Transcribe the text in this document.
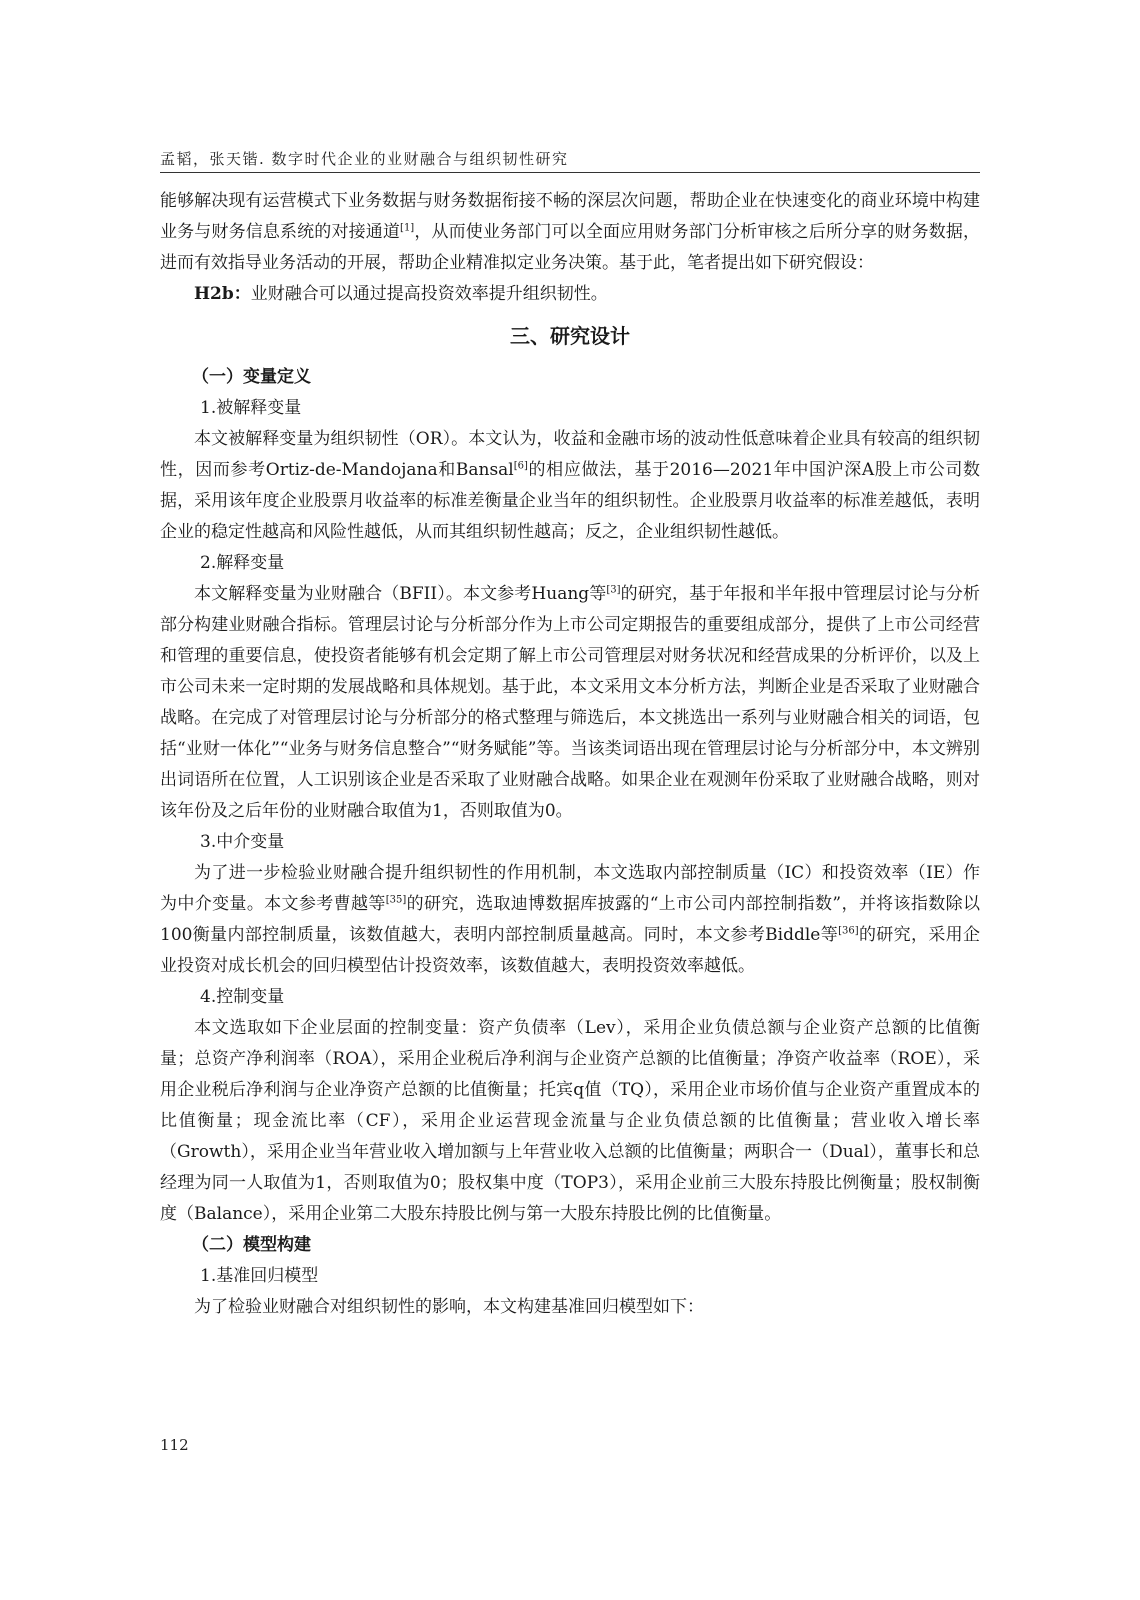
孟韬，张天锴. 数字时代企业的业财融合与组织韧性研究

能够解决现有运营模式下业务数据与财务数据衔接不畅的深层次问题，帮助企业在快速变化的商业环境中构建业务与财务信息系统的对接通道[1]，从而使业务部门可以全面应用财务部门分析审核之后所分享的财务数据，进而有效指导业务活动的开展，帮助企业精准拟定业务决策。基于此，笔者提出如下研究假设：

H2b：业财融合可以通过提高投资效率提升组织韧性。

三、研究设计

（一）变量定义

1.被解释变量

本文被解释变量为组织韧性（OR）。本文认为，收益和金融市场的波动性低意味着企业具有较高的组织韧性，因而参考Ortiz-de-Mandojana和Bansal[6]的相应做法，基于2016—2021年中国沪深A股上市公司数据，采用该年度企业股票月收益率的标准差衡量企业当年的组织韧性。企业股票月收益率的标准差越低，表明企业的稳定性越高和风险性越低，从而其组织韧性越高；反之，企业组织韧性越低。

2.解释变量

本文解释变量为业财融合（BFII）。本文参考Huang等[3]的研究，基于年报和半年报中管理层讨论与分析部分构建业财融合指标。管理层讨论与分析部分作为上市公司定期报告的重要组成部分，提供了上市公司经营和管理的重要信息，使投资者能够有机会定期了解上市公司管理层对财务状况和经营成果的分析评价，以及上市公司未来一定时期的发展战略和具体规划。基于此，本文采用文本分析方法，判断企业是否采取了业财融合战略。在完成了对管理层讨论与分析部分的格式整理与筛选后，本文挑选出一系列与业财融合相关的词语，包括“业财一体化”“业务与财务信息整合”“财务赋能”等。当该类词语出现在管理层讨论与分析部分中，本文辨别出词语所在位置，人工识别该企业是否采取了业财融合战略。如果企业在观测年份采取了业财融合战略，则对该年份及之后年份的业财融合取值为1，否则取值为0。

3.中介变量

为了进一步检验业财融合提升组织韧性的作用机制，本文选取内部控制质量（IC）和投资效率（IE）作为中介变量。本文参考曹越等[35]的研究，选取迪博数据库披露的“上市公司内部控制指数”，并将该指数除以100衡量内部控制质量，该数值越大，表明内部控制质量越高。同时，本文参考Biddle等[36]的研究，采用企业投资对成长机会的回归模型估计投资效率，该数值越大，表明投资效率越低。

4.控制变量

本文选取如下企业层面的控制变量：资产负债率（Lev），采用企业负债总额与企业资产总额的比值衡量；总资产净利润率（ROA），采用企业税后净利润与企业资产总额的比值衡量；净资产收益率（ROE），采用企业税后净利润与企业净资产总额的比值衡量；托宾q值（TQ），采用企业市场价值与企业资产重置成本的比值衡量；现金流比率（CF），采用企业运营现金流量与企业负债总额的比值衡量；营业收入增长率（Growth），采用企业当年营业收入增加额与上年营业收入总额的比值衡量；两职合一（Dual），董事长和总经理为同一人取值为1，否则取值为0；股权集中度（TOP3），采用企业前三大股东持股比例衡量；股权制衡度（Balance），采用企业第二大股东持股比例与第一大股东持股比例的比值衡量。

（二）模型构建

1.基准回归模型

为了检验业财融合对组织韧性的影响，本文构建基准回归模型如下：

112
